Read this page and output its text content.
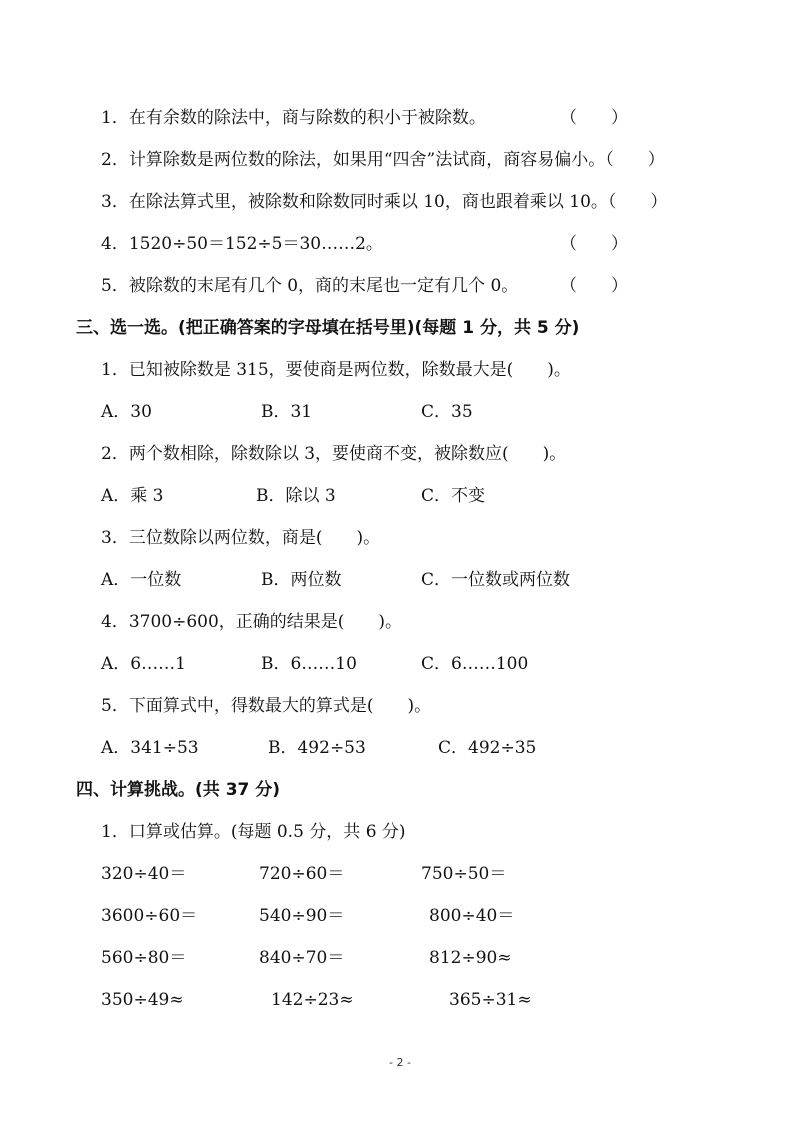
1．在有余数的除法中，商与除数的积小于被除数。	（　　）
2．计算除数是两位数的除法，如果用“四舍”法试商，商容易偏小。（　　）
3．在除法算式里，被除数和除数同时乘以 10，商也跟着乘以 10。（　　）
4．1520÷50＝152÷5＝30……2。	（　　）
5．被除数的末尾有几个 0，商的末尾也一定有几个 0。 （　　）
三、选一选。(把正确答案的字母填在括号里)(每题 1 分，共 5 分)
1．已知被除数是 315，要使商是两位数，除数最大是(　　)。
A．30	B．31	C．35
2．两个数相除，除数除以 3，要使商不变，被除数应(　　)。
A．乘 3	B．除以 3	C．不变
3．三位数除以两位数，商是(　　)。
A．一位数	B．两位数	C．一位数或两位数
4．3700÷600，正确的结果是(　　)。
A．6……1	B．6……10	C．6……100
5．下面算式中，得数最大的算式是(　　)。
A．341÷53	B．492÷53	C．492÷35
四、计算挑战。(共 37 分)
1．口算或估算。(每题 0.5 分，共 6 分)
320÷40＝	720÷60＝	750÷50＝
3600÷60＝	540÷90＝	800÷40＝
560÷80＝	840÷70＝	812÷90≈
350÷49≈	142÷23≈	365÷31≈
- 2 -
